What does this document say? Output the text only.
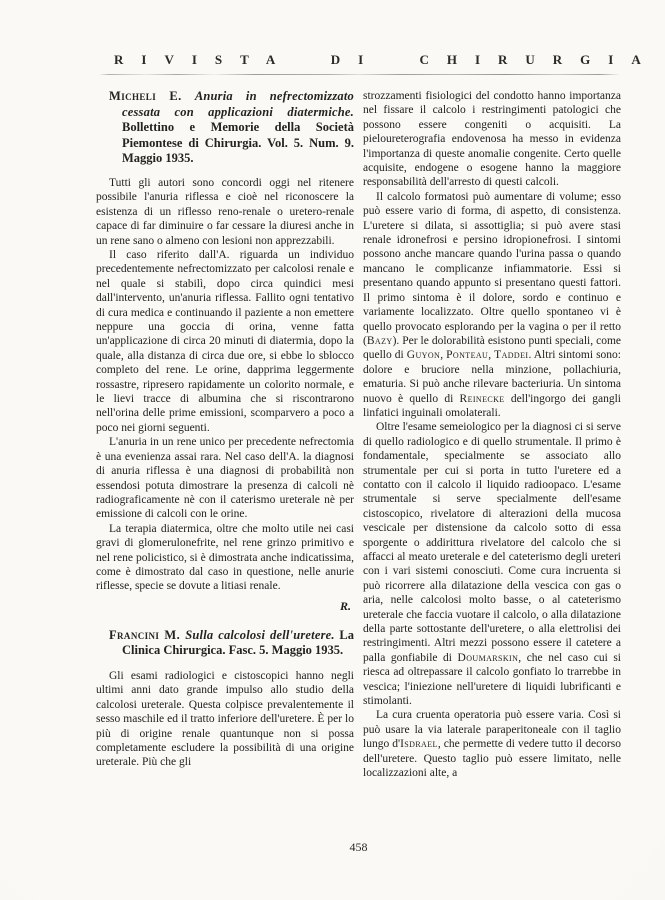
RIVISTA DI CHIRURGIA

Micheli E. Anuria in nefrectomizzato cessata con applicazioni diatermiche. Bollettino e Memorie della Società Piemontese di Chirurgia. Vol. 5. Num. 9. Maggio 1935.

Tutti gli autori sono concordi oggi nel ritenere possibile l'anuria riflessa e cioè nel riconoscere la esistenza di un riflesso reno-renale o uretero-renale capace di far diminuire o far cessare la diuresi anche in un rene sano o almeno con lesioni non apprezzabili.

Il caso riferito dall'A. riguarda un individuo precedentemente nefrectomizzato per calcolosi renale e nel quale si stabilì, dopo circa quindici mesi dall'intervento, un'anuria riflessa. Fallito ogni tentativo di cura medica e continuando il paziente a non emettere neppure una goccia di orina, venne fatta un'applicazione di circa 20 minuti di diatermia, dopo la quale, alla distanza di circa due ore, si ebbe lo sblocco completo del rene. Le orine, dapprima leggermente rossastre, ripresero rapidamente un colorito normale, e le lievi tracce di albumina che si riscontrarono nell'orina delle prime emissioni, scomparvero a poco a poco nei giorni seguenti.

L'anuria in un rene unico per precedente nefrectomia è una evenienza assai rara. Nel caso dell'A. la diagnosi di anuria riflessa è una diagnosi di probabilità non essendosi potuta dimostrare la presenza di calcoli nè radiograficamente nè con il caterismo ureterale nè per emissione di calcoli con le orine.

La terapia diatermica, oltre che molto utile nei casi gravi di glomerulonefrite, nel rene grinzo primitivo e nel rene policistico, si è dimostrata anche indicatissima, come è dimostrato dal caso in questione, nelle anurie riflesse, specie se dovute a litiasi renale.

R.

Francini M. Sulla calcolosi dell'uretere. La Clinica Chirurgica. Fasc. 5. Maggio 1935.

Gli esami radiologici e cistoscopici hanno negli ultimi anni dato grande impulso allo studio della calcolosi ureterale. Questa colpisce prevalentemente il sesso maschile ed il tratto inferiore dell'uretere. È per lo più di origine renale quantunque non si possa completamente escludere la possibilità di una origine ureterale. Più che gli

strozzamenti fisiologici del condotto hanno importanza nel fissare il calcolo i restringimenti patologici che possono essere congeniti o acquisiti. La pieloureterografia endovenosa ha messo in evidenza l'importanza di queste anomalie congenite. Certo quelle acquisite, endogene o esogene hanno la maggiore responsabilità dell'arresto di questi calcoli.

Il calcolo formatosi può aumentare di volume; esso può essere vario di forma, di aspetto, di consistenza. L'uretere si dilata, si assottiglia; si può avere stasi renale idronefrosi e persino idropionefrosi. I sintomi possono anche mancare quando l'urina passa o quando mancano le complicanze infiammatorie. Essi si presentano quando appunto si presentano questi fattori. Il primo sintoma è il dolore, sordo e continuo e variamente localizzato. Oltre quello spontaneo vi è quello provocato esplorando per la vagina o per il retto (Bazy). Per le dolorabilità esistono punti speciali, come quello di Guyon, Ponteau, Taddei. Altri sintomi sono: dolore e bruciore nella minzione, pollachiuria, ematuria. Si può anche rilevare bacteriuria. Un sintoma nuovo è quello di Reinecke dell'ingorgo dei gangli linfatici inguinali omolaterali.

Oltre l'esame semeiologico per la diagnosi ci si serve di quello radiologico e di quello strumentale. Il primo è fondamentale, specialmente se associato allo strumentale per cui si porta in tutto l'uretere ed a contatto con il calcolo il liquido radioopaco. L'esame strumentale si serve specialmente dell'esame cistoscopico, rivelatore di alterazioni della mucosa vescicale per distensione da calcolo sotto di essa sporgente o addirittura rivelatore del calcolo che si affacci al meato ureterale e del cateterismo degli ureteri con i vari sistemi conosciuti. Come cura incruenta si può ricorrere alla dilatazione della vescica con gas o aria, nelle calcolosi molto basse, o al cateterismo ureterale che faccia vuotare il calcolo, o alla dilatazione della parte sottostante dell'uretere, o alla elettrolisi dei restringimenti. Altri mezzi possono essere il catetere a palla gonfiabile di Doumarskin, che nel caso cui si riesca ad oltrepassare il calcolo gonfiato lo trarrebbe in vescica; l'iniezione nell'uretere di liquidi lubrificanti e stimolanti.

La cura cruenta operatoria può essere varia. Così si può usare la via laterale paraperitoneale con il taglio lungo d'Isdrael, che permette di vedere tutto il decorso dell'uretere. Questo taglio può essere limitato, nelle localizzazioni alte, a

458
